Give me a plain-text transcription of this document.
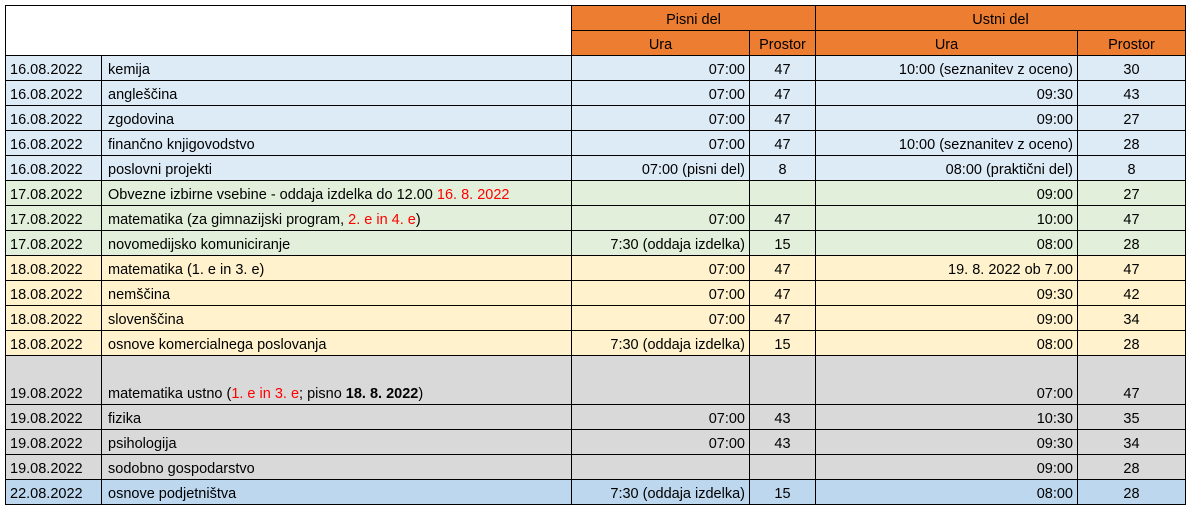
		Pisni del		Ustni del	
		Ura	Prostor	Ura	Prostor
16.08.2022	kemija	07:00	47	10:00 (seznanitev z oceno)	30
16.08.2022	angleščina	07:00	47	09:30	43
16.08.2022	zgodovina	07:00	47	09:00	27
16.08.2022	finančno knjigovodstvo	07:00	47	10:00 (seznanitev z oceno)	28
16.08.2022	poslovni projekti	07:00 (pisni del)	8	08:00 (praktični del)	8
17.08.2022	Obvezne izbirne vsebine - oddaja izdelka do 12.00 16. 8. 2022			09:00	27
17.08.2022	matematika (za gimnazijski program, 2. e in 4. e)	07:00	47	10:00	47
17.08.2022	novomedijsko komuniciranje	7:30 (oddaja izdelka)	15	08:00	28
18.08.2022	matematika (1. e in 3. e)	07:00	47	19. 8. 2022 ob 7.00	47
18.08.2022	nemščina	07:00	47	09:30	42
18.08.2022	slovenščina	07:00	47	09:00	34
18.08.2022	osnove komercialnega poslovanja	7:30 (oddaja izdelka)	15	08:00	28
19.08.2022	matematika ustno (1. e in 3. e; pisno 18. 8. 2022)			07:00	47
19.08.2022	fizika	07:00	43	10:30	35
19.08.2022	psihologija	07:00	43	09:30	34
19.08.2022	sodobno gospodarstvo			09:00	28
22.08.2022	osnove podjetništva	7:30 (oddaja izdelka)	15	08:00	28
